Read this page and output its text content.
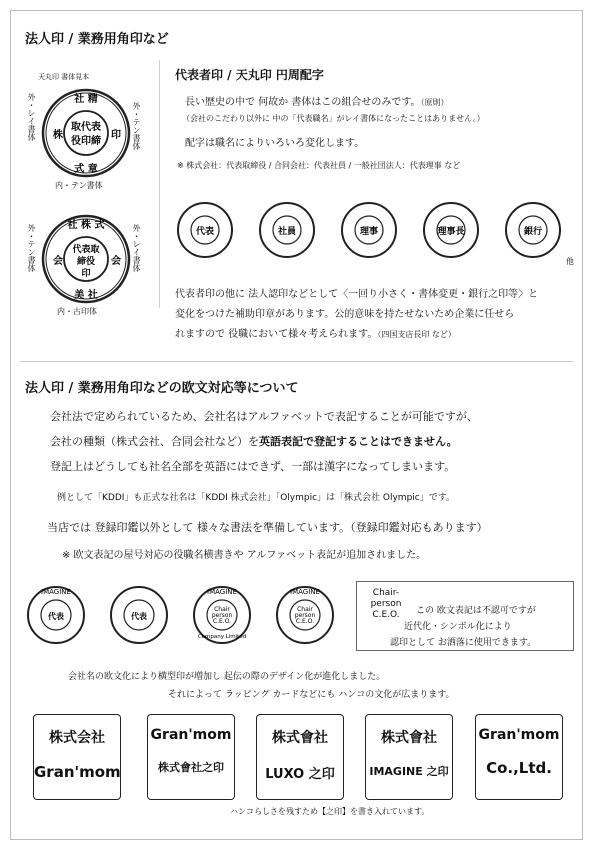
法人印 / 業務用角印など
天丸印 書体見本
外・レイ書体	外・テン書体
社 精
株	印
式 章
取代表
役印締
内・テン書体
外・テン書体	外・レイ書体
社 株 式
会	会
美 社
代表取
締役
印
内・古印体
代表者印 / 天丸印 円周配字
長い歴史の中で 何故か 書体はこの組合せのみです。（原則）
（会社のこだわり以外に 中の「代表職名」がレイ書体になったことはありません。）
配字は職名によりいろいろ変化します。
※ 株式会社：代表取締役 / 合同会社：代表社員 / 一般社団法人：代表理事 など
代表	社員	理事	理事長	銀行
他
代表者印の他に 法人認印などとして〈一回り小さく・書体変更・銀行之印等〉と
変化をつけた補助印章があります。公的意味を持たせないため企業に任せら
れますので 役職において様々考えられます。（四国支店長印 など）
法人印 / 業務用角印などの欧文対応等について
会社法で定められているため、会社名はアルファベットで表記することが可能ですが、
会社の種類（株式会社、合同会社など）を英語表記で登記することはできません。
登記上はどうしても社名全部を英語にはできず、一部は漢字になってしまいます。
例として「KDDI」も正式な社名は「KDDI 株式会社」「Olympic」は「株式会社 Olympic」です。
当店では 登録印鑑以外として 様々な書法を準備しています。（登録印鑑対応もあります）
※ 欧文表記の屋号対応の役職名横書きや アルファベット表記が追加されました。
IMAGINE
代表	代表
IMAGINE
Chair
person
C.E.O.
Company Limited
IMAGINE
Chair
person
C.E.O.
Chair-
person
C.E.O.	この 欧文表記は不認可ですが
近代化・シンボル化により
認印として お洒落に使用できます。
会社名の欧文化により横型印が増加し 起伝の際のデザイン化が進化しました。
それによって ラッピング カードなどにも ハンコの文化が広まります。
株式会社
Gran'mom
Gran'mom
株式會社之印
株式會社
LUXO 之印
株式會社
IMAGINE 之印
Gran'mom
Co.,Ltd.
ハンコらしさを残すため【之印】を書き入れています。
